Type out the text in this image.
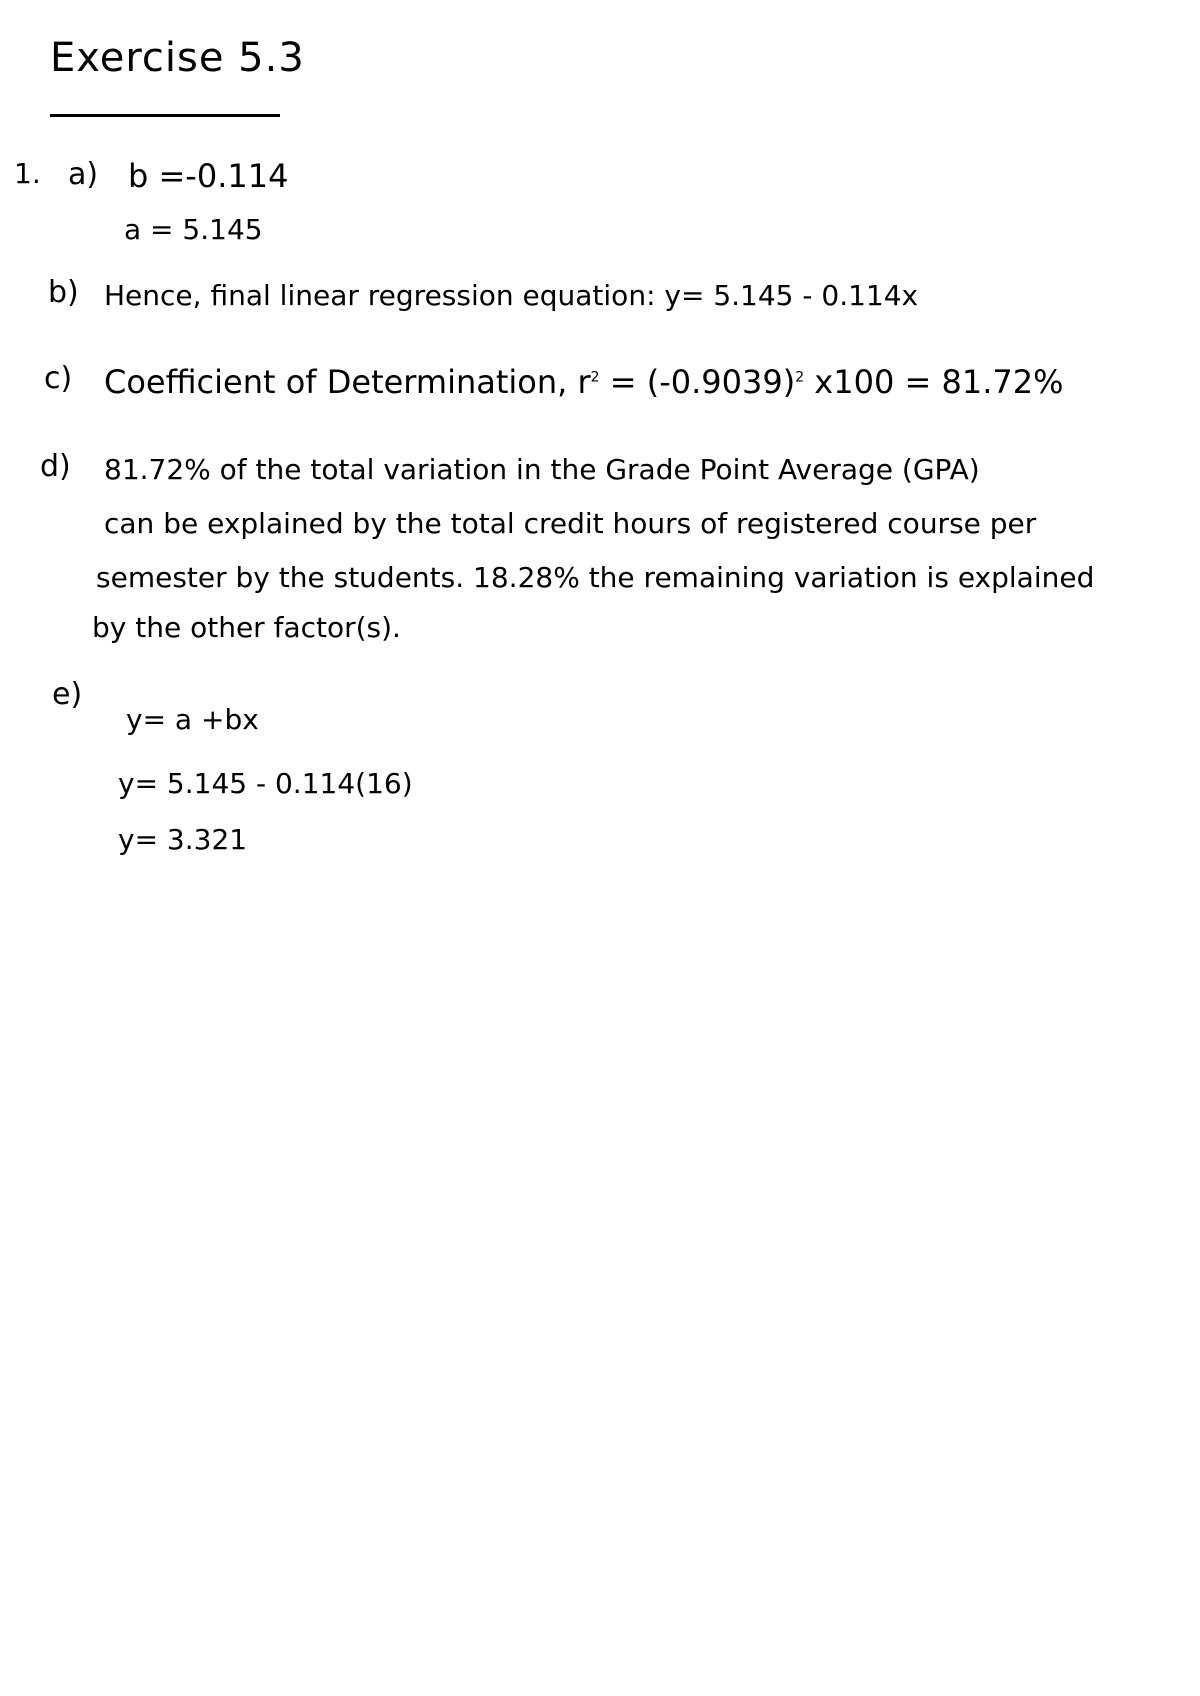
Exercise 5.3
1. a) b =-0.114
a = 5.145
b) Hence, final linear regression equation: y= 5.145 - 0.114x
c) Coefficient of Determination, $r^2 = (-0.9039)^2$ x100 = 81.72%
d) 81.72% of the total variation in the Grade Point Average (GPA)
can be explained by the total credit hours of registered course per
semester by the students. 18.28% the remaining variation is explained
by the other factor(s).
e)
y= a +bx
y= 5.145 - 0.114(16)
y= 3.321
